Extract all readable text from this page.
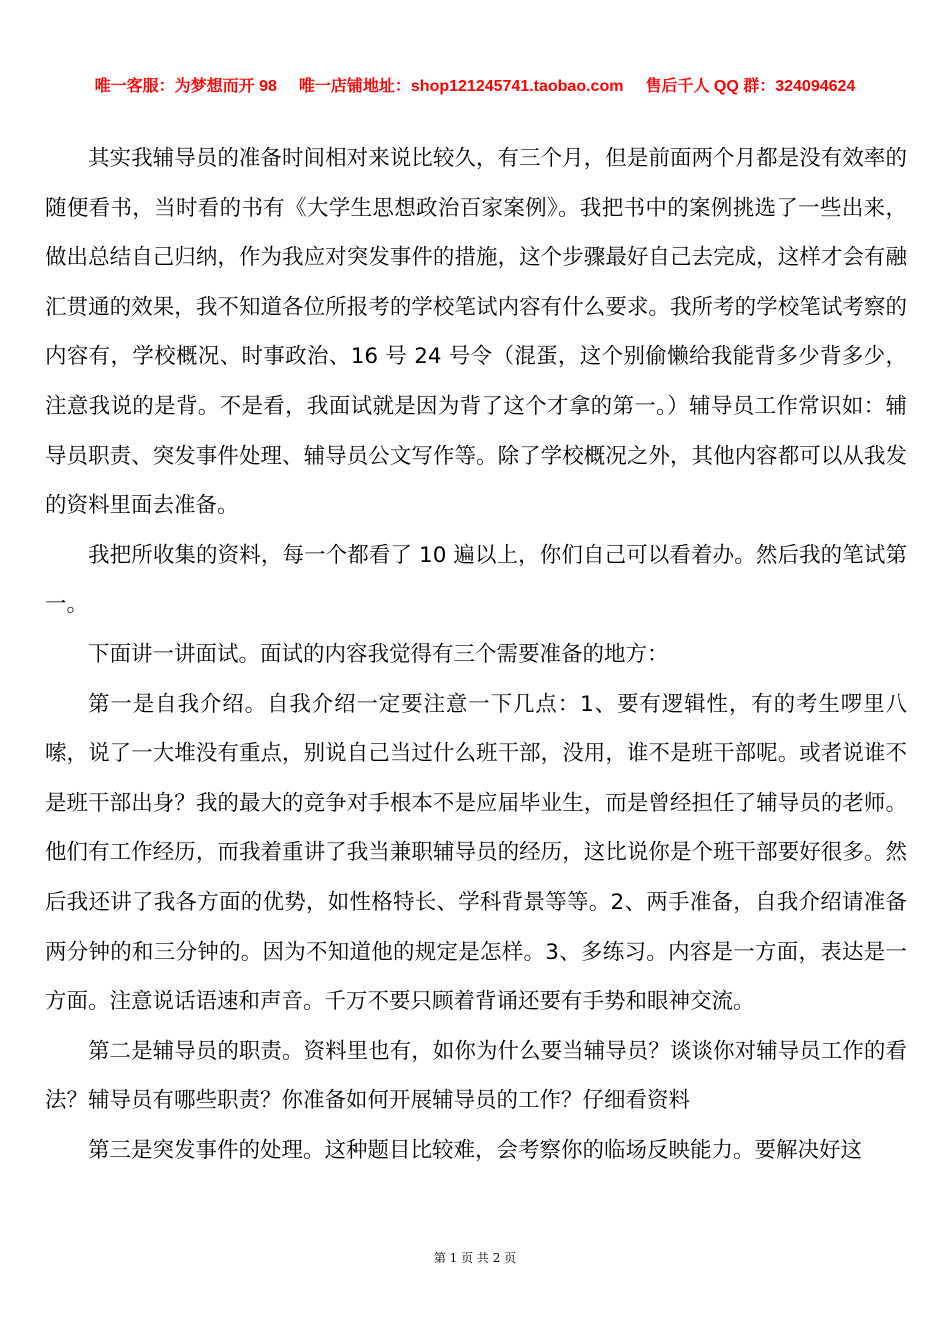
唯一客服：为梦想而开 98 唯一店铺地址：shop121245741.taobao.com 售后千人 QQ 群：324094624

其实我辅导员的准备时间相对来说比较久，有三个月，但是前面两个月都是没有效率的随便看书，当时看的书有《大学生思想政治百家案例》。我把书中的案例挑选了一些出来，做出总结自己归纳，作为我应对突发事件的措施，这个步骤最好自己去完成，这样才会有融汇贯通的效果，我不知道各位所报考的学校笔试内容有什么要求。我所考的学校笔试考察的内容有，学校概况、时事政治、16 号 24 号令（混蛋，这个别偷懒给我能背多少背多少，注意我说的是背。不是看，我面试就是因为背了这个才拿的第一。）辅导员工作常识如：辅导员职责、突发事件处理、辅导员公文写作等。除了学校概况之外，其他内容都可以从我发的资料里面去准备。

我把所收集的资料，每一个都看了 10 遍以上，你们自己可以看着办。然后我的笔试第一。

下面讲一讲面试。面试的内容我觉得有三个需要准备的地方：

第一是自我介绍。自我介绍一定要注意一下几点：1、要有逻辑性，有的考生啰里八嗦，说了一大堆没有重点，别说自己当过什么班干部，没用，谁不是班干部呢。或者说谁不是班干部出身？我的最大的竞争对手根本不是应届毕业生，而是曾经担任了辅导员的老师。他们有工作经历，而我着重讲了我当兼职辅导员的经历，这比说你是个班干部要好很多。然后我还讲了我各方面的优势，如性格特长、学科背景等等。2、两手准备，自我介绍请准备两分钟的和三分钟的。因为不知道他的规定是怎样。3、多练习。内容是一方面，表达是一方面。注意说话语速和声音。千万不要只顾着背诵还要有手势和眼神交流。

第二是辅导员的职责。资料里也有，如你为什么要当辅导员？谈谈你对辅导员工作的看法？辅导员有哪些职责？你准备如何开展辅导员的工作？仔细看资料

第三是突发事件的处理。这种题目比较难，会考察你的临场反映能力。要解决好这

第 1 页 共 2 页
